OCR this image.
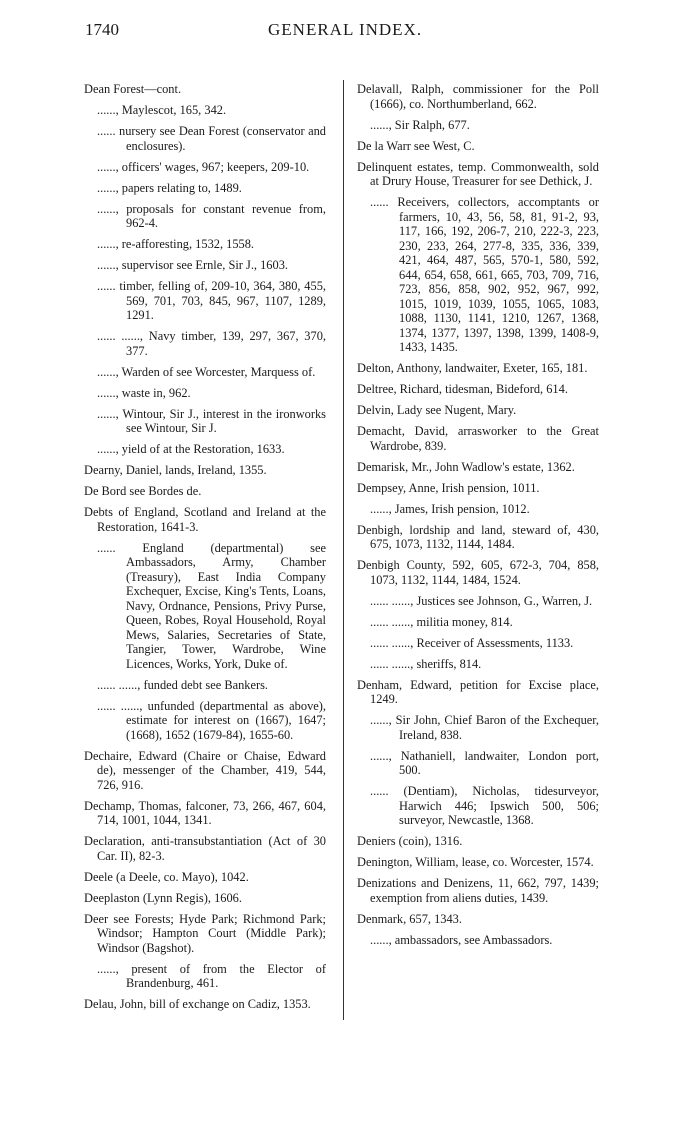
1740	GENERAL INDEX.

Dean Forest—cont.

......, Maylescot, 165, 342.

...... nursery see Dean Forest (conservator and enclosures).

......, officers' wages, 967; keepers, 209-10.

......, papers relating to, 1489.

......, proposals for constant revenue from, 962-4.

......, re-afforesting, 1532, 1558.

......, supervisor see Ernle, Sir J., 1603.

...... timber, felling of, 209-10, 364, 380, 455, 569, 701, 703, 845, 967, 1107, 1289, 1291.

...... ......, Navy timber, 139, 297, 367, 370, 377.

......, Warden of see Worcester, Marquess of.

......, waste in, 962.

......, Wintour, Sir J., interest in the ironworks see Wintour, Sir J.

......, yield of at the Restoration, 1633.

Dearny, Daniel, lands, Ireland, 1355.

De Bord see Bordes de.

Debts of England, Scotland and Ireland at the Restoration, 1641-3.

...... England (departmental) see Ambassadors, Army, Chamber (Treasury), East India Company Exchequer, Excise, King's Tents, Loans, Navy, Ordnance, Pensions, Privy Purse, Queen, Robes, Royal Household, Royal Mews, Salaries, Secretaries of State, Tangier, Tower, Wardrobe, Wine Licences, Works, York, Duke of.

...... ......, funded debt see Bankers.

...... ......, unfunded (departmental as above), estimate for interest on (1667), 1647; (1668), 1652 (1679-84), 1655-60.

Dechaire, Edward (Chaire or Chaise, Edward de), messenger of the Chamber, 419, 544, 726, 916.

Dechamp, Thomas, falconer, 73, 266, 467, 604, 714, 1001, 1044, 1341.

Declaration, anti-transubstantiation (Act of 30 Car. II), 82-3.

Deele (a Deele, co. Mayo), 1042.

Deeplaston (Lynn Regis), 1606.

Deer see Forests; Hyde Park; Richmond Park; Windsor; Hampton Court (Middle Park); Windsor (Bagshot).

......, present of from the Elector of Brandenburg, 461.

Delau, John, bill of exchange on Cadiz, 1353.

Delavall, Ralph, commissioner for the Poll (1666), co. Northumberland, 662.

......, Sir Ralph, 677.

De la Warr see West, C.

Delinquent estates, temp. Commonwealth, sold at Drury House, Treasurer for see Dethick, J.

...... Receivers, collectors, accomptants or farmers, 10, 43, 56, 58, 81, 91-2, 93, 117, 166, 192, 206-7, 210, 222-3, 223, 230, 233, 264, 277-8, 335, 336, 339, 421, 464, 487, 565, 570-1, 580, 592, 644, 654, 658, 661, 665, 703, 709, 716, 723, 856, 858, 902, 952, 967, 992, 1015, 1019, 1039, 1055, 1065, 1083, 1088, 1130, 1141, 1210, 1267, 1368, 1374, 1377, 1397, 1398, 1399, 1408-9, 1433, 1435.

Delton, Anthony, landwaiter, Exeter, 165, 181.

Deltree, Richard, tidesman, Bideford, 614.

Delvin, Lady see Nugent, Mary.

Demacht, David, arrasworker to the Great Wardrobe, 839.

Demarisk, Mr., John Wadlow's estate, 1362.

Dempsey, Anne, Irish pension, 1011.

......, James, Irish pension, 1012.

Denbigh, lordship and land, steward of, 430, 675, 1073, 1132, 1144, 1484.

Denbigh County, 592, 605, 672-3, 704, 858, 1073, 1132, 1144, 1484, 1524.

...... ......, Justices see Johnson, G., Warren, J.

...... ......, militia money, 814.

...... ......, Receiver of Assessments, 1133.

...... ......, sheriffs, 814.

Denham, Edward, petition for Excise place, 1249.

......, Sir John, Chief Baron of the Exchequer, Ireland, 838.

......, Nathaniell, landwaiter, London port, 500.

...... (Dentiam), Nicholas, tidesurveyor, Harwich 446; Ipswich 500, 506; surveyor, Newcastle, 1368.

Deniers (coin), 1316.

Denington, William, lease, co. Worcester, 1574.

Denizations and Denizens, 11, 662, 797, 1439; exemption from aliens duties, 1439.

Denmark, 657, 1343.

......, ambassadors, see Ambassadors.
